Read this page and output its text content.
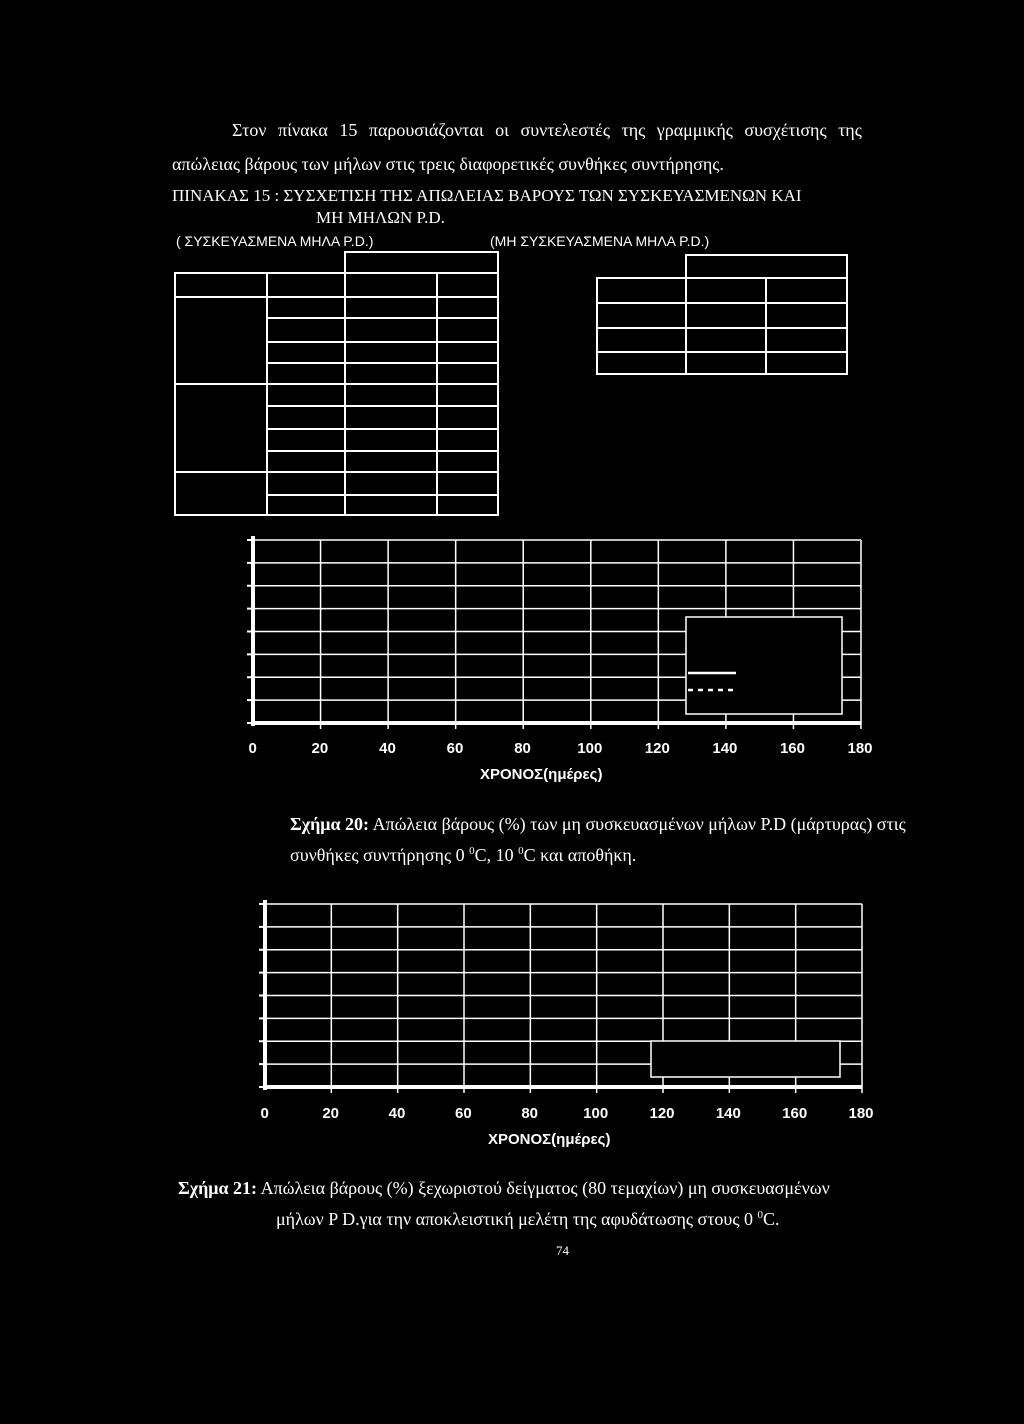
Στον πίνακα 15 παρουσιάζονται οι συντελεστές της γραμμικής συσχέτισης της
απώλειας βάρους των μήλων στις τρεις διαφορετικές συνθήκες συντήρησης.
ΠΙΝΑΚΑΣ 15 : ΣΥΣΧΕΤΙΣΗ ΤΗΣ ΑΠΩΛΕΙΑΣ ΒΑΡΟΥΣ ΤΩΝ ΣΥΣΚΕΥΑΣΜΕΝΩΝ ΚΑΙ
ΜΗ ΜΗΛΩΝ P.D.
( ΣΥΣΚΕΥΑΣΜΕΝΑ ΜΗΛΑ P.D.)	(ΜΗ ΣΥΣΚΕΥΑΣΜΕΝΑ ΜΗΛΑ P.D.)
0	20	40	60	80	100	120	140	160	180
ΧΡΟΝΟΣ(ημέρες)
0	20	40	60	80	100	120	140	160	180
ΧΡΟΝΟΣ(ημέρες)
Σχήμα 20: Απώλεια βάρους (%) των μη συσκευασμένων μήλων P.D (μάρτυρας) στις
συνθήκες συντήρησης 0 $^0$C, 10 $^0$C και αποθήκη.
Σχήμα 21: Απώλεια βάρους (%) ξεχωριστού δείγματος (80 τεμαχίων) μη συσκευασμένων
μήλων P D.για την αποκλειστική μελέτη της αφυδάτωσης στους 0 $^0$C.
74
